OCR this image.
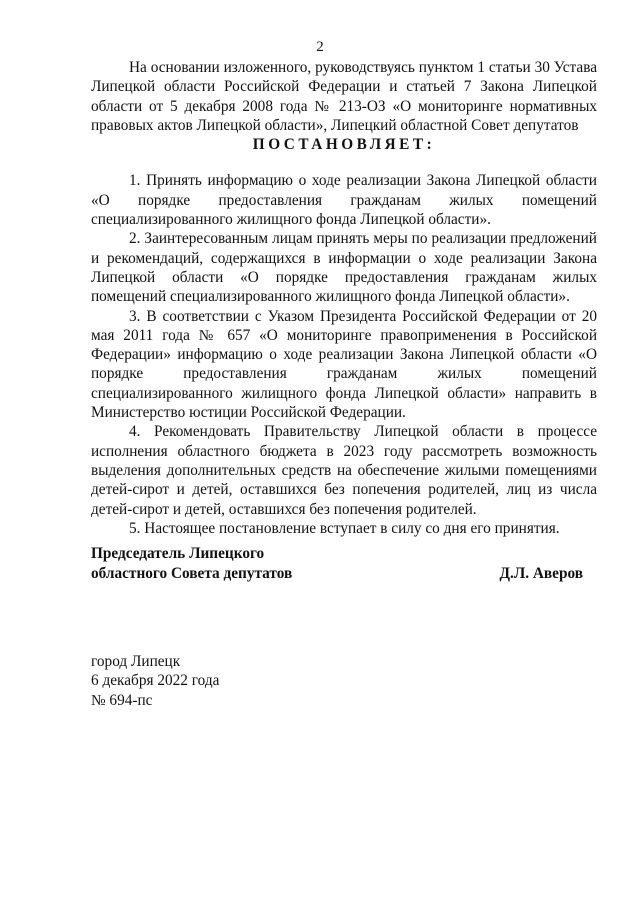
2

На основании изложенного, руководствуясь пунктом 1 статьи 30 Устава Липецкой области Российской Федерации и статьей 7 Закона Липецкой области от 5 декабря 2008 года № 213-ОЗ «О мониторинге нормативных правовых актов Липецкой области», Липецкий областной Совет депутатов

ПОСТАНОВЛЯЕТ:

1. Принять информацию о ходе реализации Закона Липецкой области «О порядке предоставления гражданам жилых помещений специализированного жилищного фонда Липецкой области».

2. Заинтересованным лицам принять меры по реализации предложений и рекомендаций, содержащихся в информации о ходе реализации Закона Липецкой области «О порядке предоставления гражданам жилых помещений специализированного жилищного фонда Липецкой области».

3. В соответствии с Указом Президента Российской Федерации от 20 мая 2011 года № 657 «О мониторинге правоприменения в Российской Федерации» информацию о ходе реализации Закона Липецкой области «О порядке предоставления гражданам жилых помещений специализированного жилищного фонда Липецкой области» направить в Министерство юстиции Российской Федерации.

4. Рекомендовать Правительству Липецкой области в процессе исполнения областного бюджета в 2023 году рассмотреть возможность выделения дополнительных средств на обеспечение жилыми помещениями детей-сирот и детей, оставшихся без попечения родителей, лиц из числа детей-сирот и детей, оставшихся без попечения родителей.

5. Настоящее постановление вступает в силу со дня его принятия.

Председатель Липецкого
областного Совета депутатов	Д.Л. Аверов
город Липецк
6 декабря 2022 года
№ 694-пс
